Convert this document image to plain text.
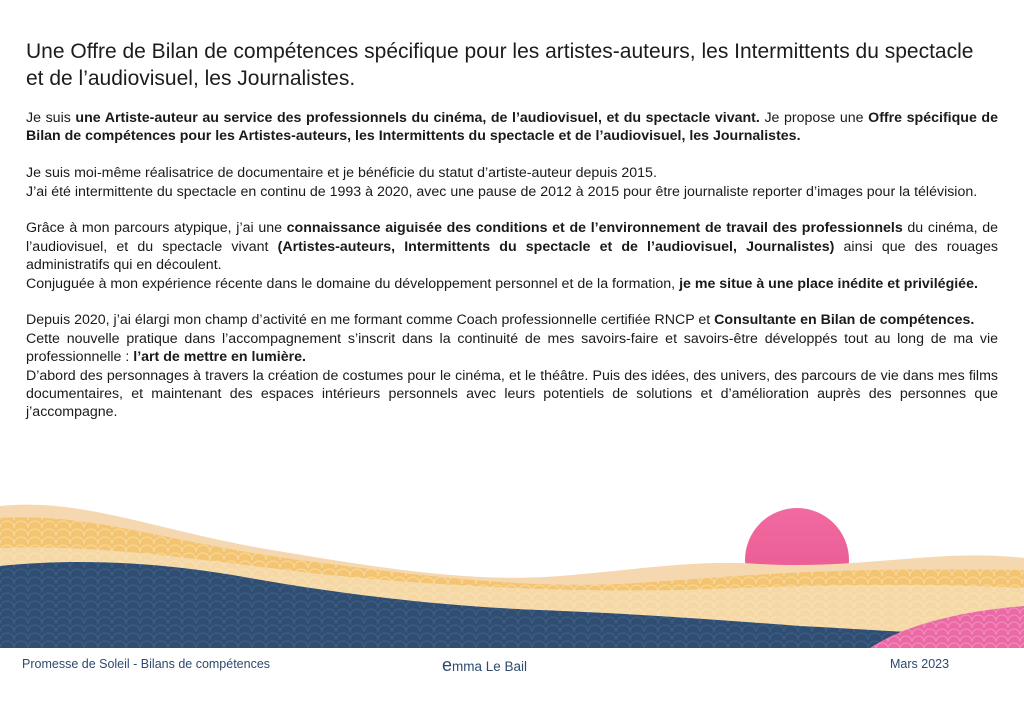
Une Offre de Bilan de compétences spécifique pour les artistes-auteurs, les Intermittents du spectacle et de l’audiovisuel, les Journalistes.

Je suis une Artiste-auteur au service des professionnels du cinéma, de l’audiovisuel, et du spectacle vivant. Je propose une Offre spécifique de Bilan de compétences pour les Artistes-auteurs, les Intermittents du spectacle et de l’audiovisuel, les Journalistes.

Je suis moi-même réalisatrice de documentaire et je bénéficie du statut d’artiste-auteur depuis 2015.
J’ai été intermittente du spectacle en continu de 1993 à 2020, avec une pause de 2012 à 2015 pour être journaliste reporter d’images pour la télévision.

Grâce à mon parcours atypique, j’ai une connaissance aiguisée des conditions et de l’environnement de travail des professionnels du cinéma, de l’audiovisuel, et du spectacle vivant (Artistes-auteurs, Intermittents du spectacle et de l’audiovisuel, Journalistes) ainsi que des rouages administratifs qui en découlent.
Conjuguée à mon expérience récente dans le domaine du développement personnel et de la formation, je me situe à une place inédite et privilégiée.

Depuis 2020, j’ai élargi mon champ d’activité en me formant comme Coach professionnelle certifiée RNCP et Consultante en Bilan de compétences.
Cette nouvelle pratique dans l’accompagnement s’inscrit dans la continuité de mes savoirs-faire et savoirs-être développés tout au long de ma vie professionnelle : l’art de mettre en lumière.
D’abord des personnages à travers la création de costumes pour le cinéma, et le théâtre. Puis des idées, des univers, des parcours de vie dans mes films documentaires, et maintenant des espaces intérieurs personnels avec leurs potentiels de solutions et d’amélioration auprès des personnes que j’accompagne.

Promesse de Soleil - Bilans de compétences	emma Le Bail	Mars 2023
